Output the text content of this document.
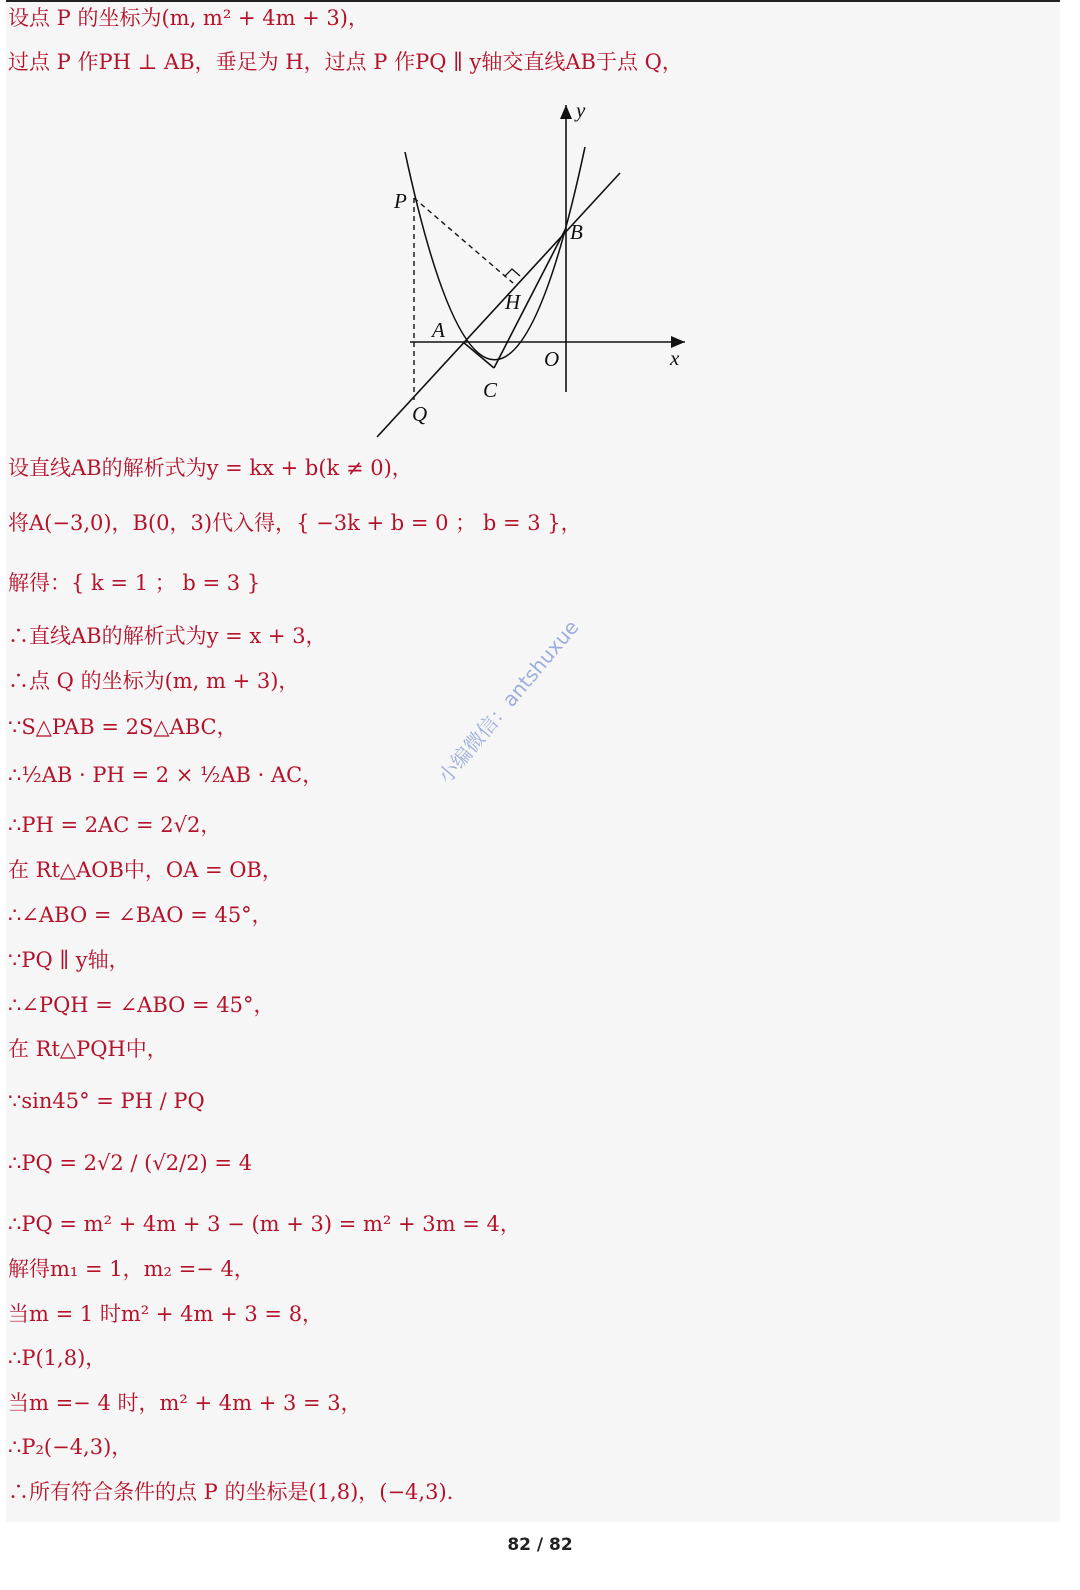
设点 P 的坐标为(m, m² + 4m + 3)，

过点 P 作PH ⊥ AB，垂足为 H，过点 P 作PQ ∥ y轴交直线AB于点 Q，

y
x
P
B
H
A
O
C
Q

设直线AB的解析式为y = kx + b(k ≠ 0)，

将A(−3,0)，B(0，3)代入得，{ −3k + b = 0 ； b = 3 }，

解得：{ k = 1 ； b = 3 }

∴直线AB的解析式为y = x + 3，

∴点 Q 的坐标为(m, m + 3)，

∵S△PAB = 2S△ABC，

∴½AB · PH = 2 × ½AB · AC，

∴PH = 2AC = 2√2，

在 Rt△AOB中，OA = OB，

∴∠ABO = ∠BAO = 45°，

∵PQ ∥ y轴，

∴∠PQH = ∠ABO = 45°，

在 Rt△PQH中，

∵sin45° = PH / PQ

∴PQ = 2√2 / (√2/2) = 4

∴PQ = m² + 4m + 3 − (m + 3) = m² + 3m = 4，

解得m₁ = 1，m₂ =− 4，

当m = 1 时m² + 4m + 3 = 8，

∴P(1,8)，

当m =− 4 时，m² + 4m + 3 = 3，

∴P₂(−4,3)，

∴所有符合条件的点 P 的坐标是(1,8)，(−4,3).

小编微信：antshuxue
82 / 82
